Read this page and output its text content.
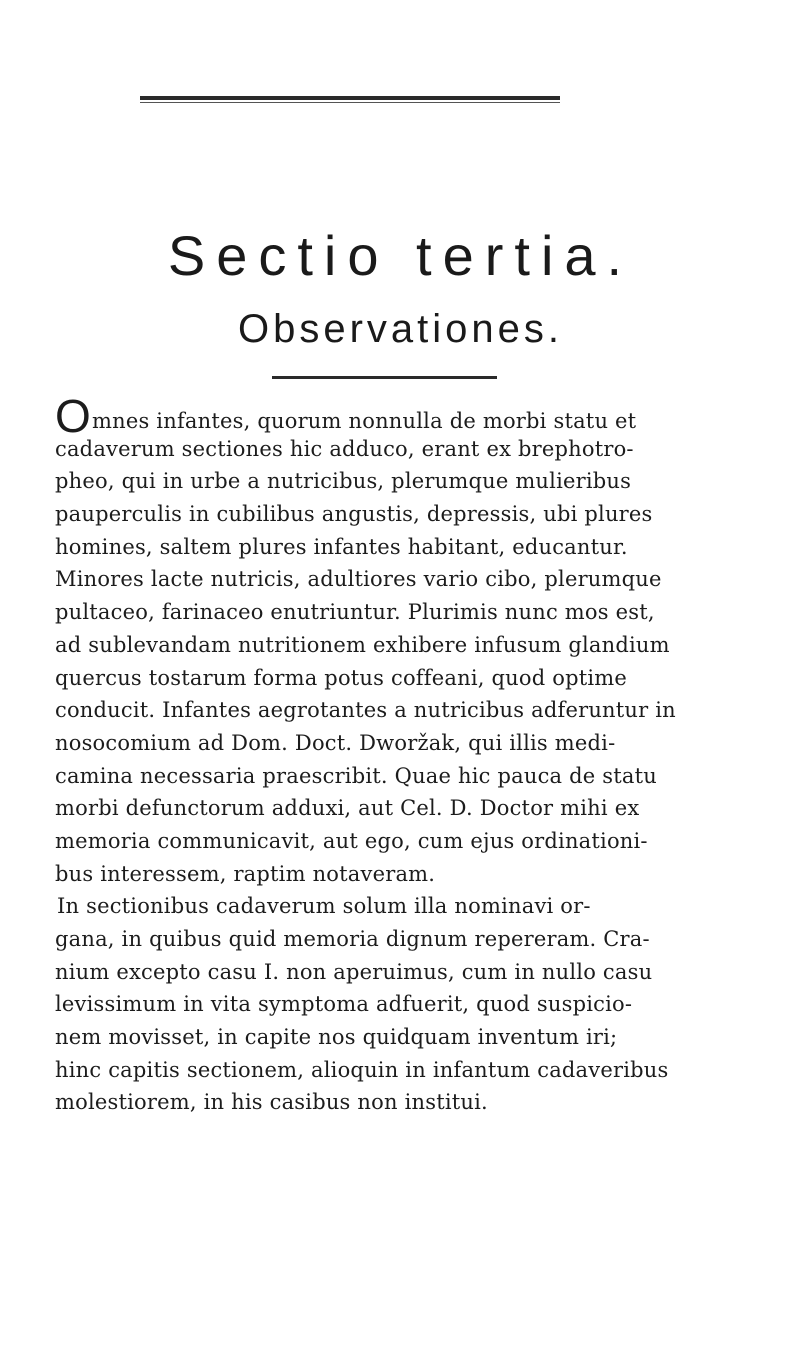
Sectio tertia.
Observationes.
Omnes infantes, quorum nonnulla de morbi statu et
cadaverum sectiones hic adduco, erant ex brephotro-
pheo, qui in urbe a nutricibus, plerumque mulieribus
pauperculis in cubilibus angustis, depressis, ubi plures
homines, saltem plures infantes habitant, educantur.
Minores lacte nutricis, adultiores vario cibo, plerumque
pultaceo, farinaceo enutriuntur. Plurimis nunc mos est,
ad sublevandam nutritionem exhibere infusum glandium
quercus tostarum forma potus coffeani, quod optime
conducit. Infantes aegrotantes a nutricibus adferuntur in
nosocomium ad Dom. Doct. Dworžak, qui illis medi-
camina necessaria praescribit. Quae hic pauca de statu
morbi defunctorum adduxi, aut Cel. D. Doctor mihi ex
memoria communicavit, aut ego, cum ejus ordinationi-
bus interessem, raptim notaveram.
In sectionibus cadaverum solum illa nominavi or-
gana, in quibus quid memoria dignum repereram. Cra-
nium excepto casu I. non aperuimus, cum in nullo casu
levissimum in vita symptoma adfuerit, quod suspicio-
nem movisset, in capite nos quidquam inventum iri;
hinc capitis sectionem, alioquin in infantum cadaveribus
molestiorem, in his casibus non institui.
